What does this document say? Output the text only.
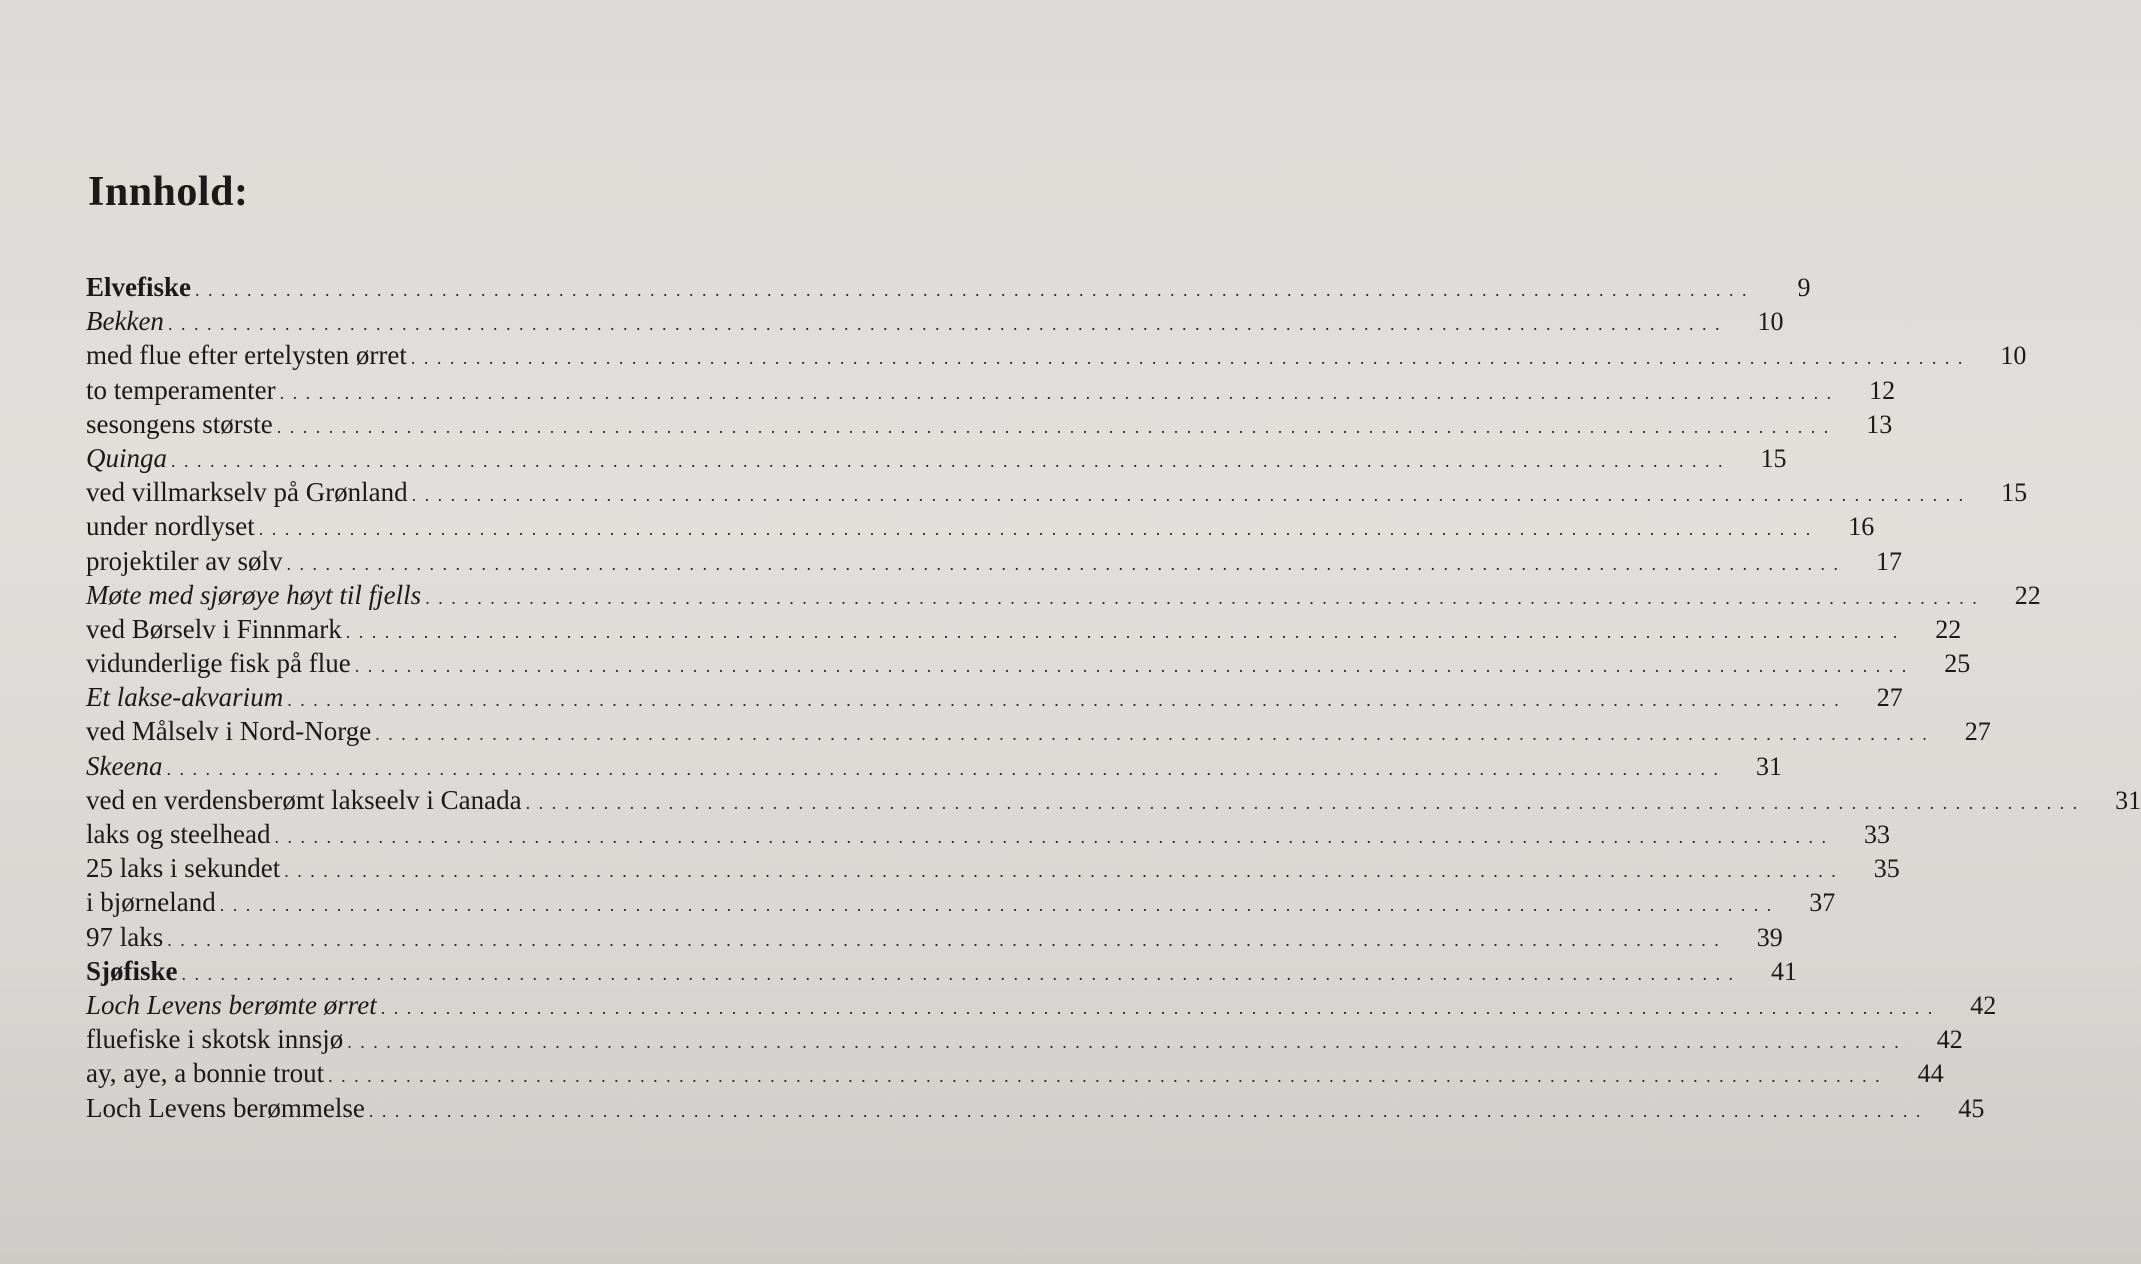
Innhold:
Elvefiske . . . . . . . . . . . . . . . . . . . . . . . . . . . . . . . . . . . . . . . . . . . . . . . . . . . . . . . . . . . . . . . . . . . . . . . . . . . . . . . . . . . . . . . . . . . . . . . . . . . . . . . . . . . . . . . . . . . . . . . .	9
Bekken . . . . . . . . . . . . . . . . . . . . . . . . . . . . . . . . . . . . . . . . . . . . . . . . . . . . . . . . . . . . . . . . . . . . . . . . . . . . . . . . . . . . . . . . . . . . . . . . . . . . . . . . . . . . . . . . . . . . . . . .	10
med flue efter ertelysten ørret . . . . . . . . . . . . . . . . . . . . . . . . . . . . . . . . . . . . . . . . . . . . . . . . . . . . . . . . . . . . . . . . . . . . . . . . . . . . . . . . . . . . . . . . . . . . . . . . . . . . . . . . . . . . . . . . . . . . . . . .	10
to temperamenter . . . . . . . . . . . . . . . . . . . . . . . . . . . . . . . . . . . . . . . . . . . . . . . . . . . . . . . . . . . . . . . . . . . . . . . . . . . . . . . . . . . . . . . . . . . . . . . . . . . . . . . . . . . . . . . . . . . . . . . .	12
sesongens største . . . . . . . . . . . . . . . . . . . . . . . . . . . . . . . . . . . . . . . . . . . . . . . . . . . . . . . . . . . . . . . . . . . . . . . . . . . . . . . . . . . . . . . . . . . . . . . . . . . . . . . . . . . . . . . . . . . . . . . .	13
Quinga . . . . . . . . . . . . . . . . . . . . . . . . . . . . . . . . . . . . . . . . . . . . . . . . . . . . . . . . . . . . . . . . . . . . . . . . . . . . . . . . . . . . . . . . . . . . . . . . . . . . . . . . . . . . . . . . . . . . . . . .	15
ved villmarkselv på Grønland . . . . . . . . . . . . . . . . . . . . . . . . . . . . . . . . . . . . . . . . . . . . . . . . . . . . . . . . . . . . . . . . . . . . . . . . . . . . . . . . . . . . . . . . . . . . . . . . . . . . . . . . . . . . . . . . . . . . . . . .	15
under nordlyset . . . . . . . . . . . . . . . . . . . . . . . . . . . . . . . . . . . . . . . . . . . . . . . . . . . . . . . . . . . . . . . . . . . . . . . . . . . . . . . . . . . . . . . . . . . . . . . . . . . . . . . . . . . . . . . . . . . . . . . .	16
projektiler av sølv . . . . . . . . . . . . . . . . . . . . . . . . . . . . . . . . . . . . . . . . . . . . . . . . . . . . . . . . . . . . . . . . . . . . . . . . . . . . . . . . . . . . . . . . . . . . . . . . . . . . . . . . . . . . . . . . . . . . . . . .	17
Møte med sjørøye høyt til fjells . . . . . . . . . . . . . . . . . . . . . . . . . . . . . . . . . . . . . . . . . . . . . . . . . . . . . . . . . . . . . . . . . . . . . . . . . . . . . . . . . . . . . . . . . . . . . . . . . . . . . . . . . . . . . . . . . . . . . . . .	22
ved Børselv i Finnmark . . . . . . . . . . . . . . . . . . . . . . . . . . . . . . . . . . . . . . . . . . . . . . . . . . . . . . . . . . . . . . . . . . . . . . . . . . . . . . . . . . . . . . . . . . . . . . . . . . . . . . . . . . . . . . . . . . . . . . . .	22
vidunderlige fisk på flue . . . . . . . . . . . . . . . . . . . . . . . . . . . . . . . . . . . . . . . . . . . . . . . . . . . . . . . . . . . . . . . . . . . . . . . . . . . . . . . . . . . . . . . . . . . . . . . . . . . . . . . . . . . . . . . . . . . . . . . .	25
Et lakse-akvarium . . . . . . . . . . . . . . . . . . . . . . . . . . . . . . . . . . . . . . . . . . . . . . . . . . . . . . . . . . . . . . . . . . . . . . . . . . . . . . . . . . . . . . . . . . . . . . . . . . . . . . . . . . . . . . . . . . . . . . . .	27
ved Målselv i Nord-Norge . . . . . . . . . . . . . . . . . . . . . . . . . . . . . . . . . . . . . . . . . . . . . . . . . . . . . . . . . . . . . . . . . . . . . . . . . . . . . . . . . . . . . . . . . . . . . . . . . . . . . . . . . . . . . . . . . . . . . . . .	27
Skeena . . . . . . . . . . . . . . . . . . . . . . . . . . . . . . . . . . . . . . . . . . . . . . . . . . . . . . . . . . . . . . . . . . . . . . . . . . . . . . . . . . . . . . . . . . . . . . . . . . . . . . . . . . . . . . . . . . . . . . . .	31
ved en verdensberømt lakseelv i Canada . . . . . . . . . . . . . . . . . . . . . . . . . . . . . . . . . . . . . . . . . . . . . . . . . . . . . . . . . . . . . . . . . . . . . . . . . . . . . . . . . . . . . . . . . . . . . . . . . . . . . . . . . . . . . . . . . . . . . . . .	31
laks og steelhead . . . . . . . . . . . . . . . . . . . . . . . . . . . . . . . . . . . . . . . . . . . . . . . . . . . . . . . . . . . . . . . . . . . . . . . . . . . . . . . . . . . . . . . . . . . . . . . . . . . . . . . . . . . . . . . . . . . . . . . .	33
25 laks i sekundet . . . . . . . . . . . . . . . . . . . . . . . . . . . . . . . . . . . . . . . . . . . . . . . . . . . . . . . . . . . . . . . . . . . . . . . . . . . . . . . . . . . . . . . . . . . . . . . . . . . . . . . . . . . . . . . . . . . . . . . .	35
i bjørneland . . . . . . . . . . . . . . . . . . . . . . . . . . . . . . . . . . . . . . . . . . . . . . . . . . . . . . . . . . . . . . . . . . . . . . . . . . . . . . . . . . . . . . . . . . . . . . . . . . . . . . . . . . . . . . . . . . . . . . . .	37
97 laks . . . . . . . . . . . . . . . . . . . . . . . . . . . . . . . . . . . . . . . . . . . . . . . . . . . . . . . . . . . . . . . . . . . . . . . . . . . . . . . . . . . . . . . . . . . . . . . . . . . . . . . . . . . . . . . . . . . . . . . .	39
Sjøfiske . . . . . . . . . . . . . . . . . . . . . . . . . . . . . . . . . . . . . . . . . . . . . . . . . . . . . . . . . . . . . . . . . . . . . . . . . . . . . . . . . . . . . . . . . . . . . . . . . . . . . . . . . . . . . . . . . . . . . . . .	41
Loch Levens berømte ørret . . . . . . . . . . . . . . . . . . . . . . . . . . . . . . . . . . . . . . . . . . . . . . . . . . . . . . . . . . . . . . . . . . . . . . . . . . . . . . . . . . . . . . . . . . . . . . . . . . . . . . . . . . . . . . . . . . . . . . . .	42
fluefiske i skotsk innsjø . . . . . . . . . . . . . . . . . . . . . . . . . . . . . . . . . . . . . . . . . . . . . . . . . . . . . . . . . . . . . . . . . . . . . . . . . . . . . . . . . . . . . . . . . . . . . . . . . . . . . . . . . . . . . . . . . . . . . . . .	42
ay, aye, a bonnie trout . . . . . . . . . . . . . . . . . . . . . . . . . . . . . . . . . . . . . . . . . . . . . . . . . . . . . . . . . . . . . . . . . . . . . . . . . . . . . . . . . . . . . . . . . . . . . . . . . . . . . . . . . . . . . . . . . . . . . . . .	44
Loch Levens berømmelse . . . . . . . . . . . . . . . . . . . . . . . . . . . . . . . . . . . . . . . . . . . . . . . . . . . . . . . . . . . . . . . . . . . . . . . . . . . . . . . . . . . . . . . . . . . . . . . . . . . . . . . . . . . . . . . . . . . . . . . .	45
